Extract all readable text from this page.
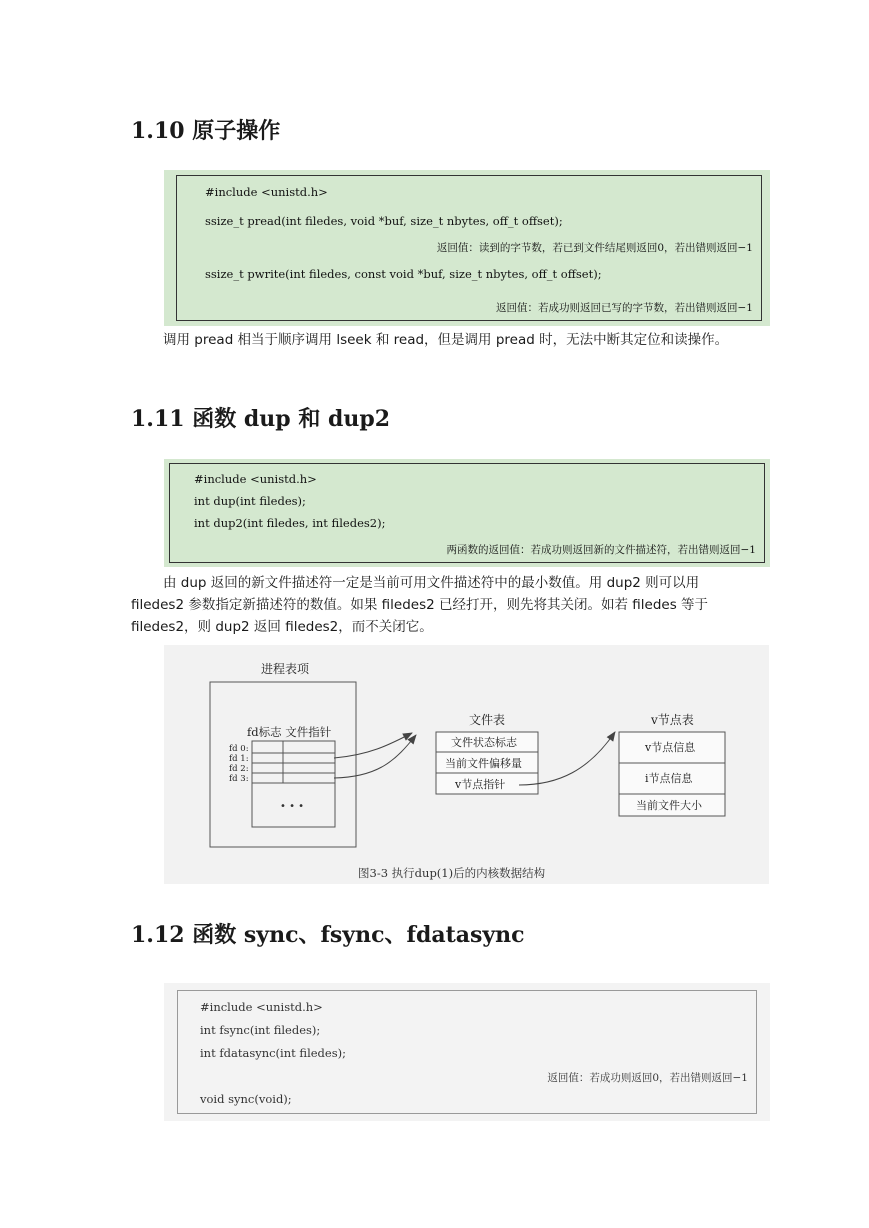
1.10 原子操作
#include <unistd.h>
ssize_t pread(int filedes, void *buf, size_t nbytes, off_t offset);
返回值：读到的字节数，若已到文件结尾则返回0，若出错则返回−1
ssize_t pwrite(int filedes, const void *buf, size_t nbytes, off_t offset);
返回值：若成功则返回已写的字节数，若出错则返回−1

调用 pread 相当于顺序调用 lseek 和 read，但是调用 pread 时，无法中断其定位和读操作。

1.11 函数 dup 和 dup2
#include <unistd.h>
int dup(int filedes);
int dup2(int filedes, int filedes2);
两函数的返回值：若成功则返回新的文件描述符，若出错则返回−1

由 dup 返回的新文件描述符一定是当前可用文件描述符中的最小数值。用 dup2 则可以用 filedes2 参数指定新描述符的数值。如果 filedes2 已经打开，则先将其关闭。如若 filedes 等于 filedes2，则 dup2 返回 filedes2，而不关闭它。

进程表项
fd标志 文件指针
fd 0:
fd 1:
fd 2:
fd 3:
• • •
文件表
文件状态标志
当前文件偏移量
v节点指针
v节点表
v节点信息
i节点信息
当前文件大小
图3-3 执行dup(1)后的内核数据结构
1.12 函数 sync、fsync、fdatasync
#include <unistd.h>
int fsync(int filedes);
int fdatasync(int filedes);
返回值：若成功则返回0，若出错则返回−1
void sync(void);
